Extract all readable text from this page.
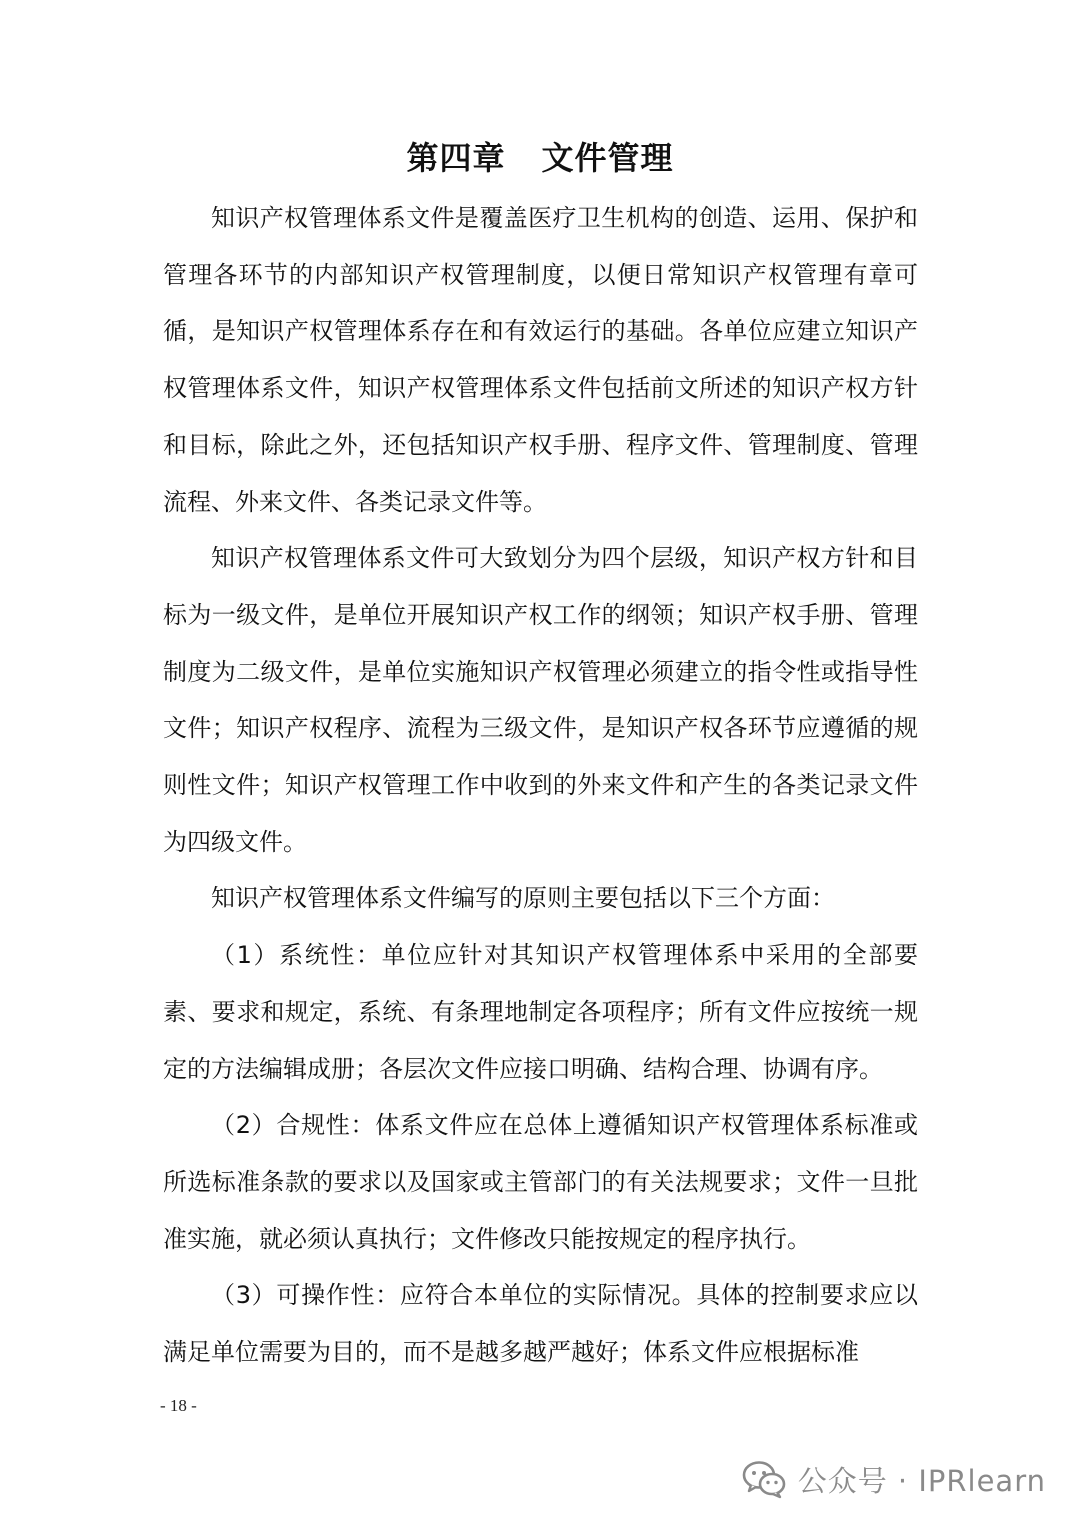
第四章 文件管理

知识产权管理体系文件是覆盖医疗卫生机构的创造、运用、保护和管理各环节的内部知识产权管理制度，以便日常知识产权管理有章可循，是知识产权管理体系存在和有效运行的基础。各单位应建立知识产权管理体系文件，知识产权管理体系文件包括前文所述的知识产权方针和目标，除此之外，还包括知识产权手册、程序文件、管理制度、管理流程、外来文件、各类记录文件等。

知识产权管理体系文件可大致划分为四个层级，知识产权方针和目标为一级文件，是单位开展知识产权工作的纲领；知识产权手册、管理制度为二级文件，是单位实施知识产权管理必须建立的指令性或指导性文件；知识产权程序、流程为三级文件，是知识产权各环节应遵循的规则性文件；知识产权管理工作中收到的外来文件和产生的各类记录文件为四级文件。

知识产权管理体系文件编写的原则主要包括以下三个方面：

（1）系统性：单位应针对其知识产权管理体系中采用的全部要素、要求和规定，系统、有条理地制定各项程序；所有文件应按统一规定的方法编辑成册；各层次文件应接口明确、结构合理、协调有序。

（2）合规性：体系文件应在总体上遵循知识产权管理体系标准或所选标准条款的要求以及国家或主管部门的有关法规要求；文件一旦批准实施，就必须认真执行；文件修改只能按规定的程序执行。

（3）可操作性：应符合本单位的实际情况。具体的控制要求应以满足单位需要为目的，而不是越多越严越好；体系文件应根据标准

- 18 -
公众号 · IPRlearn
